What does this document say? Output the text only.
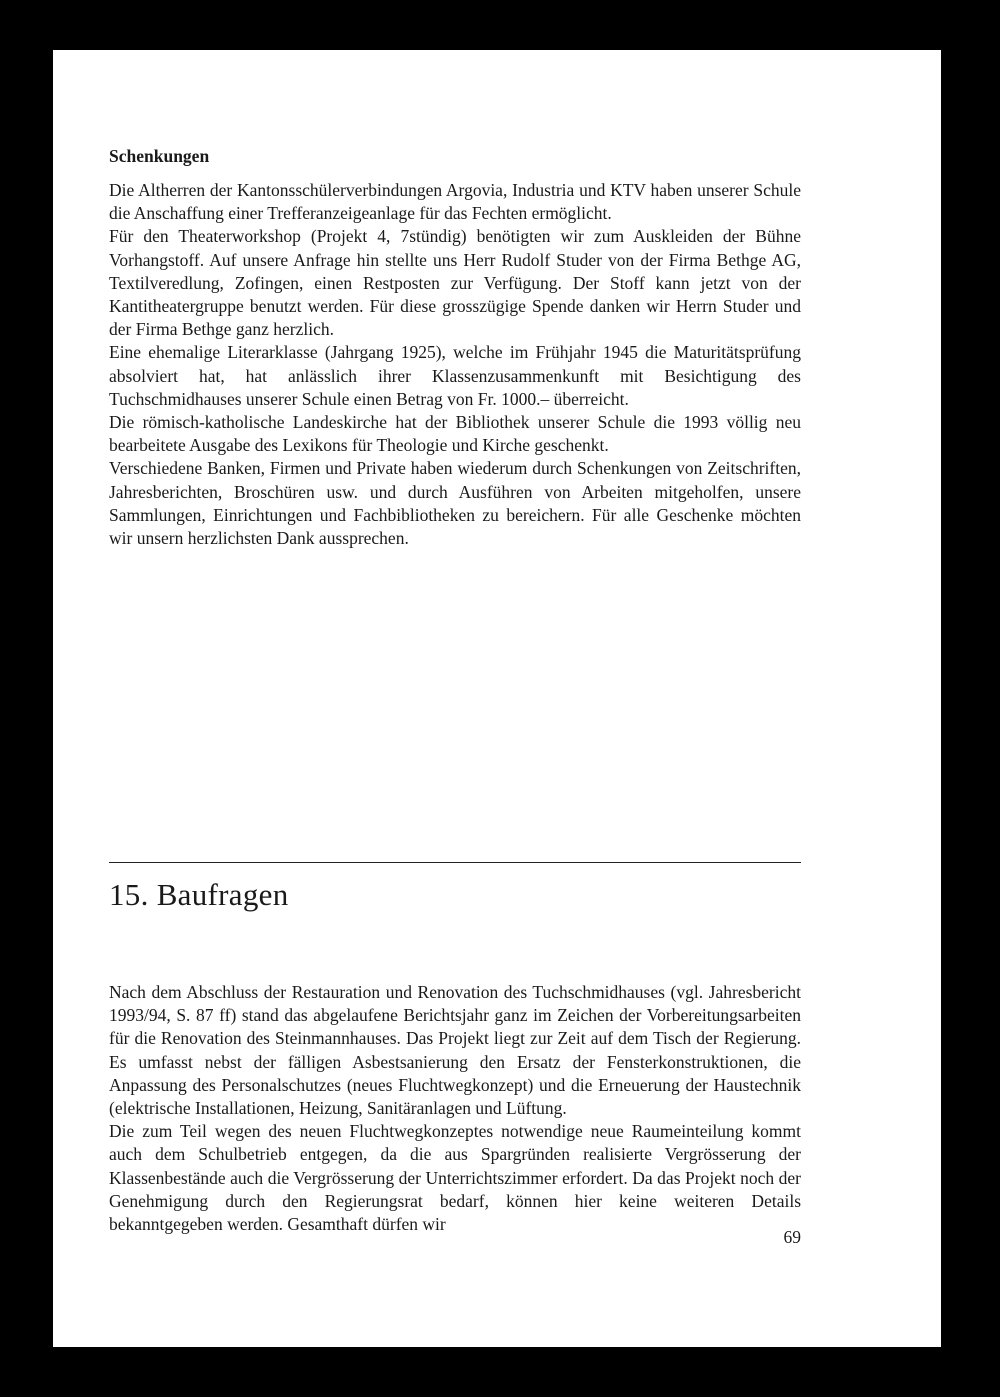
Schenkungen

Die Altherren der Kantonsschülerverbindungen Argovia, Industria und KTV haben unserer Schule die Anschaffung einer Trefferanzeigeanlage für das Fechten ermöglicht.

Für den Theaterworkshop (Projekt 4, 7stündig) benötigten wir zum Auskleiden der Bühne Vorhangstoff. Auf unsere Anfrage hin stellte uns Herr Rudolf Studer von der Firma Bethge AG, Textilveredlung, Zofingen, einen Restposten zur Verfügung. Der Stoff kann jetzt von der Kantitheatergruppe benutzt werden. Für diese grosszügige Spende danken wir Herrn Studer und der Firma Bethge ganz herzlich.

Eine ehemalige Literarklasse (Jahrgang 1925), welche im Frühjahr 1945 die Maturitätsprüfung absolviert hat, hat anlässlich ihrer Klassenzusammenkunft mit Besichtigung des Tuchschmidhauses unserer Schule einen Betrag von Fr. 1000.– überreicht.

Die römisch-katholische Landeskirche hat der Bibliothek unserer Schule die 1993 völlig neu bearbeitete Ausgabe des Lexikons für Theologie und Kirche geschenkt.

Verschiedene Banken, Firmen und Private haben wiederum durch Schenkungen von Zeitschriften, Jahresberichten, Broschüren usw. und durch Ausführen von Arbeiten mitgeholfen, unsere Sammlungen, Einrichtungen und Fachbibliotheken zu bereichern. Für alle Geschenke möchten wir unsern herzlichsten Dank aussprechen.

15. Baufragen

Nach dem Abschluss der Restauration und Renovation des Tuchschmidhauses (vgl. Jahresbericht 1993/94, S. 87 ff) stand das abgelaufene Berichtsjahr ganz im Zeichen der Vorbereitungsarbeiten für die Renovation des Steinmannhauses. Das Projekt liegt zur Zeit auf dem Tisch der Regierung. Es umfasst nebst der fälligen Asbestsanierung den Ersatz der Fensterkonstruktionen, die Anpassung des Personalschutzes (neues Fluchtwegkonzept) und die Erneuerung der Haustechnik (elektrische Installationen, Heizung, Sanitäranlagen und Lüftung.

Die zum Teil wegen des neuen Fluchtwegkonzeptes notwendige neue Raumeinteilung kommt auch dem Schulbetrieb entgegen, da die aus Spargründen realisierte Vergrösserung der Klassenbestände auch die Vergrösserung der Unterrichtszimmer erfordert. Da das Projekt noch der Genehmigung durch den Regierungsrat bedarf, können hier keine weiteren Details bekanntgegeben werden. Gesamthaft dürfen wir

69
